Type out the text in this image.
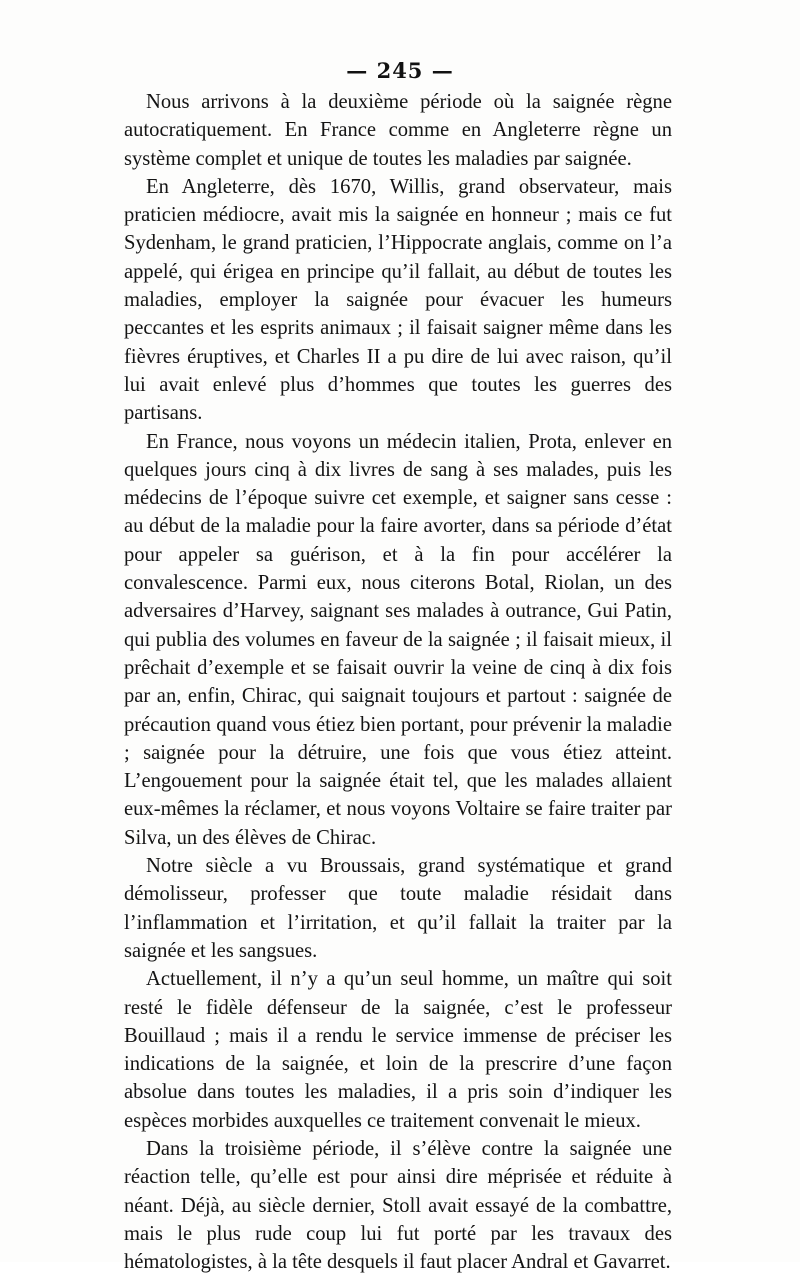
— 245 —

Nous arrivons à la deuxième période où la saignée règne autocratiquement. En France comme en Angleterre règne un système complet et unique de toutes les maladies par saignée.

En Angleterre, dès 1670, Willis, grand observateur, mais praticien médiocre, avait mis la saignée en honneur ; mais ce fut Sydenham, le grand praticien, l’Hippocrate anglais, comme on l’a appelé, qui érigea en principe qu’il fallait, au début de toutes les maladies, employer la saignée pour évacuer les humeurs peccantes et les esprits animaux ; il faisait saigner même dans les fièvres éruptives, et Charles II a pu dire de lui avec raison, qu’il lui avait enlevé plus d’hommes que toutes les guerres des partisans.

En France, nous voyons un médecin italien, Prota, enlever en quelques jours cinq à dix livres de sang à ses malades, puis les médecins de l’époque suivre cet exemple, et saigner sans cesse : au début de la maladie pour la faire avorter, dans sa période d’état pour appeler sa guérison, et à la fin pour accélérer la convalescence. Parmi eux, nous citerons Botal, Riolan, un des adversaires d’Harvey, saignant ses malades à outrance, Gui Patin, qui publia des volumes en faveur de la saignée ; il faisait mieux, il prêchait d’exemple et se faisait ouvrir la veine de cinq à dix fois par an, enfin, Chirac, qui saignait toujours et partout : saignée de précaution quand vous étiez bien portant, pour prévenir la maladie ; saignée pour la détruire, une fois que vous étiez atteint. L’engouement pour la saignée était tel, que les malades allaient eux-mêmes la réclamer, et nous voyons Voltaire se faire traiter par Silva, un des élèves de Chirac.

Notre siècle a vu Broussais, grand systématique et grand démolisseur, professer que toute maladie résidait dans l’inflammation et l’irritation, et qu’il fallait la traiter par la saignée et les sangsues.

Actuellement, il n’y a qu’un seul homme, un maître qui soit resté le fidèle défenseur de la saignée, c’est le professeur Bouillaud ; mais il a rendu le service immense de préciser les indications de la saignée, et loin de la prescrire d’une façon absolue dans toutes les maladies, il a pris soin d’indiquer les espèces morbides auxquelles ce traitement convenait le mieux.

Dans la troisième période, il s’élève contre la saignée une réaction telle, qu’elle est pour ainsi dire méprisée et réduite à néant. Déjà, au siècle dernier, Stoll avait essayé de la combattre, mais le plus rude coup lui fut porté par les travaux des hématologistes, à la tête desquels il faut placer Andral et Gavarret.
